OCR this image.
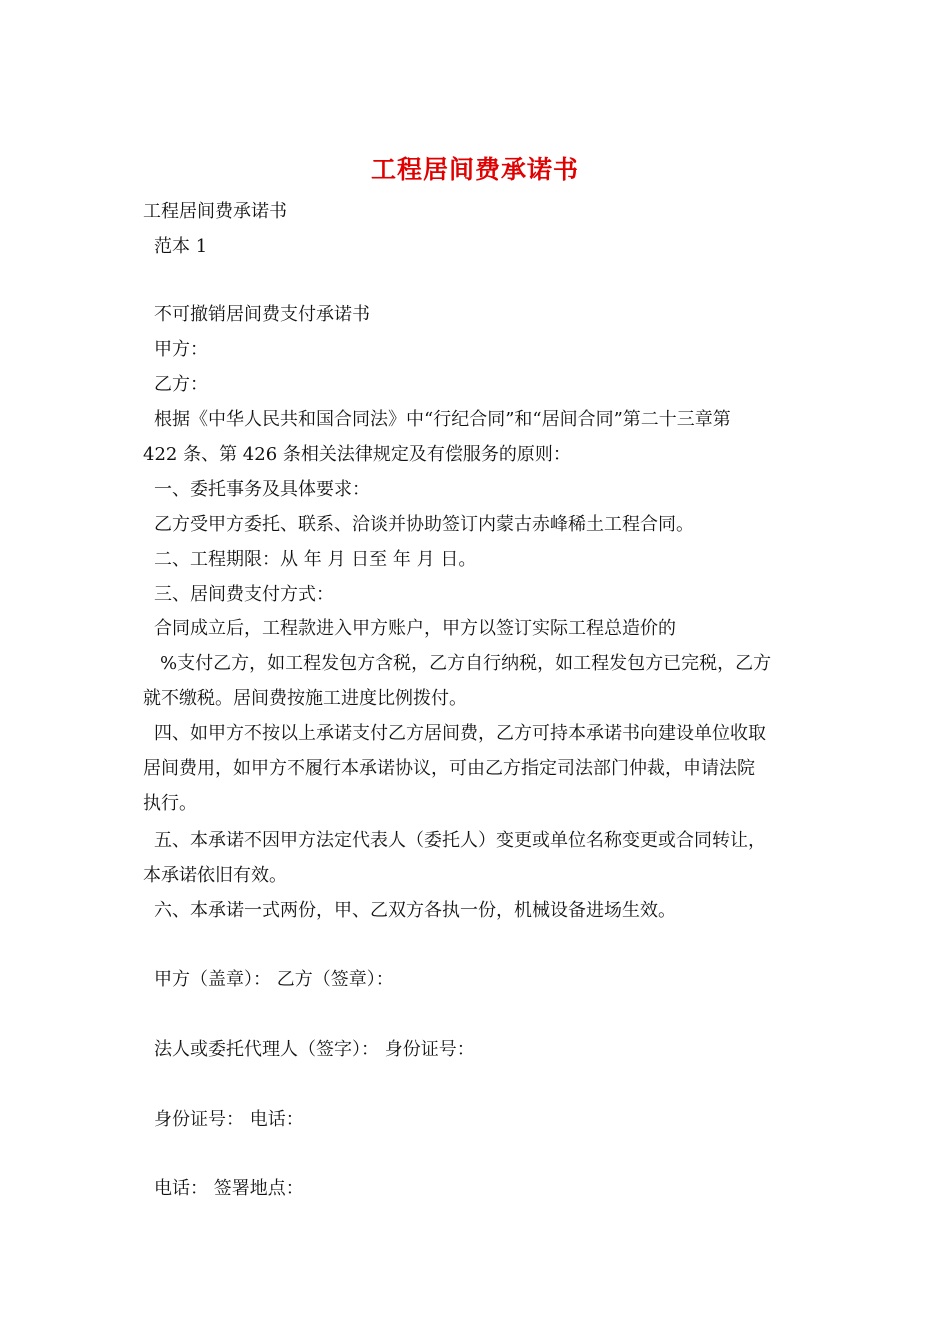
工程居间费承诺书
工程居间费承诺书
范本 1
不可撤销居间费支付承诺书
甲方：
乙方：
根据《中华人民共和国合同法》中“行纪合同”和“居间合同”第二十三章第
422 条、第 426 条相关法律规定及有偿服务的原则：
一、委托事务及具体要求：
乙方受甲方委托、联系、洽谈并协助签订内蒙古赤峰稀土工程合同。
二、工程期限：从 年 月 日至 年 月 日。
三、居间费支付方式：
合同成立后，工程款进入甲方账户，甲方以签订实际工程总造价的
%支付乙方，如工程发包方含税，乙方自行纳税，如工程发包方已完税，乙方
就不缴税。居间费按施工进度比例拨付。
四、如甲方不按以上承诺支付乙方居间费，乙方可持本承诺书向建设单位收取
居间费用，如甲方不履行本承诺协议，可由乙方指定司法部门仲裁，申请法院
执行。
五、本承诺不因甲方法定代表人（委托人）变更或单位名称变更或合同转让，
本承诺依旧有效。
六、本承诺一式两份，甲、乙双方各执一份，机械设备进场生效。
甲方（盖章）： 乙方（签章）：
法人或委托代理人（签字）： 身份证号：
身份证号： 电话：
电话： 签署地点：
